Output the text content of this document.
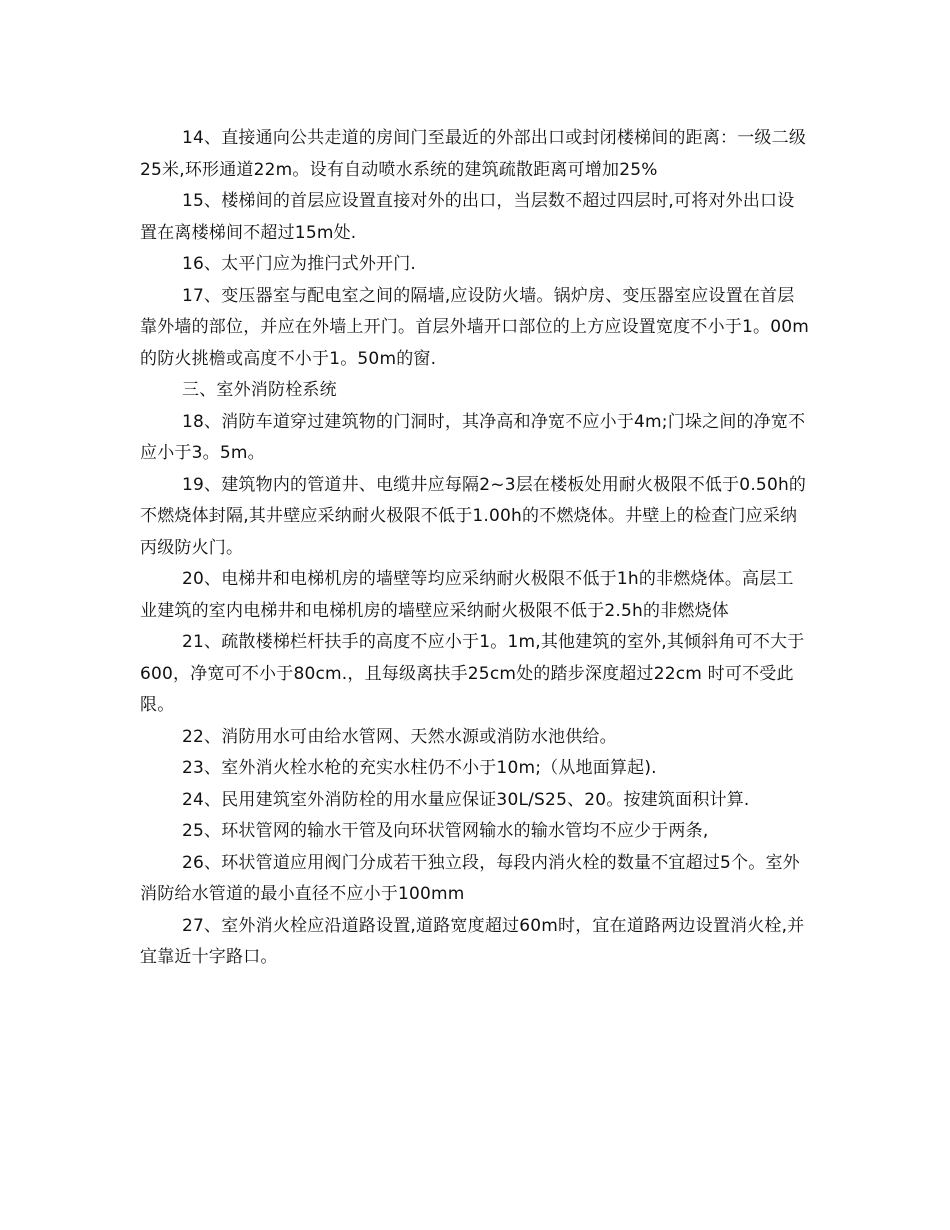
14、直接通向公共走道的房间门至最近的外部出口或封闭楼梯间的距离：一级二级25米,环形通道22m。设有自动喷水系统的建筑疏散距离可增加25%

15、楼梯间的首层应设置直接对外的出口，当层数不超过四层时,可将对外出口设置在离楼梯间不超过15m处.

16、太平门应为推闩式外开门.

17、变压器室与配电室之间的隔墙,应设防火墙。锅炉房、变压器室应设置在首层靠外墙的部位，并应在外墙上开门。首层外墙开口部位的上方应设置宽度不小于1。00m的防火挑檐或高度不小于1。50m的窗.

三、室外消防栓系统

18、消防车道穿过建筑物的门洞时，其净高和净宽不应小于4m;门垛之间的净宽不应小于3。5m。

19、建筑物内的管道井、电缆井应每隔2~3层在楼板处用耐火极限不低于0.50h的不燃烧体封隔,其井壁应采纳耐火极限不低于1.00h的不燃烧体。井壁上的检查门应采纳丙级防火门。

20、电梯井和电梯机房的墙壁等均应采纳耐火极限不低于1h的非燃烧体。高层工业建筑的室内电梯井和电梯机房的墙壁应采纳耐火极限不低于2.5h的非燃烧体

21、疏散楼梯栏杆扶手的高度不应小于1。1m,其他建筑的室外,其倾斜角可不大于600，净宽可不小于80cm.，且每级离扶手25cm处的踏步深度超过22cm 时可不受此限。

22、消防用水可由给水管网、天然水源或消防水池供给。

23、室外消火栓水枪的充实水柱仍不小于10m;（从地面算起).

24、民用建筑室外消防栓的用水量应保证30L/S25、20。按建筑面积计算.

25、环状管网的输水干管及向环状管网输水的输水管均不应少于两条,

26、环状管道应用阀门分成若干独立段，每段内消火栓的数量不宜超过5个。室外消防给水管道的最小直径不应小于100mm

27、室外消火栓应沿道路设置,道路宽度超过60m时，宜在道路两边设置消火栓,并宜靠近十字路口。
